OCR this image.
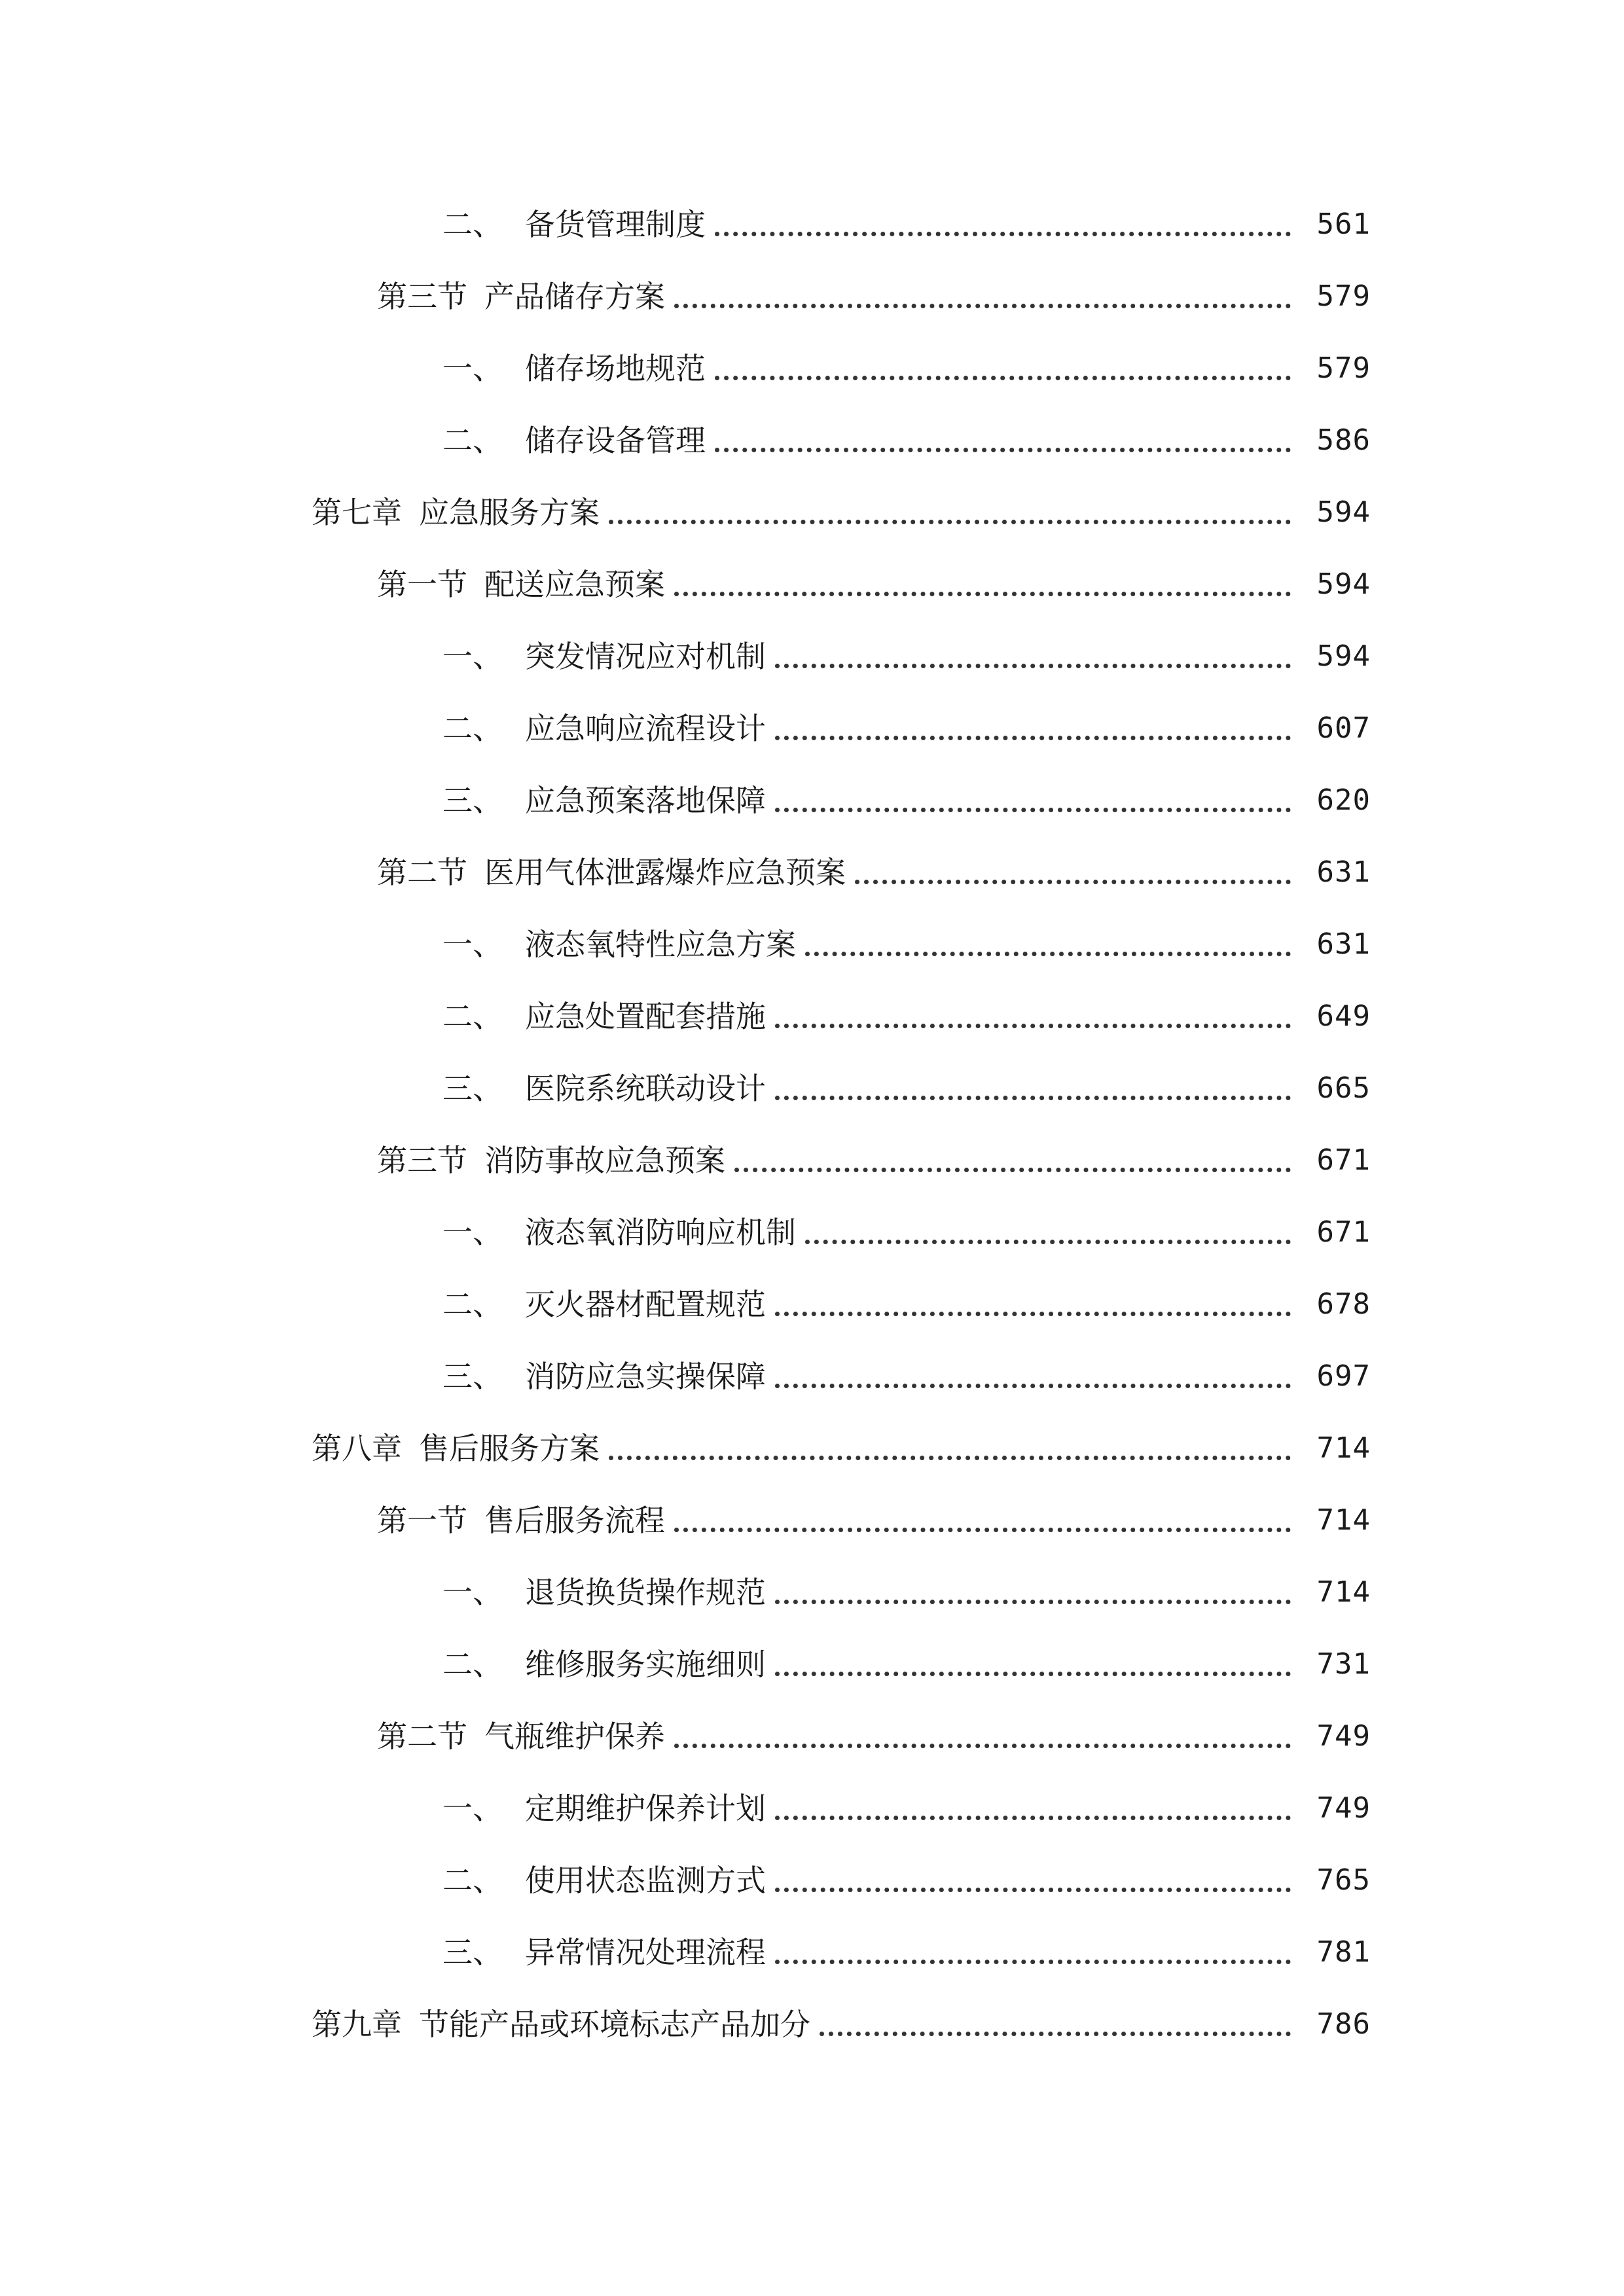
二、 备货管理制度	561
第三节 产品储存方案	579
一、 储存场地规范	579
二、 储存设备管理	586
第七章 应急服务方案	594
第一节 配送应急预案	594
一、 突发情况应对机制	594
二、 应急响应流程设计	607
三、 应急预案落地保障	620
第二节 医用气体泄露爆炸应急预案	631
一、 液态氧特性应急方案	631
二、 应急处置配套措施	649
三、 医院系统联动设计	665
第三节 消防事故应急预案	671
一、 液态氧消防响应机制	671
二、 灭火器材配置规范	678
三、 消防应急实操保障	697
第八章 售后服务方案	714
第一节 售后服务流程	714
一、 退货换货操作规范	714
二、 维修服务实施细则	731
第二节 气瓶维护保养	749
一、 定期维护保养计划	749
二、 使用状态监测方式	765
三、 异常情况处理流程	781
第九章 节能产品或环境标志产品加分	786
